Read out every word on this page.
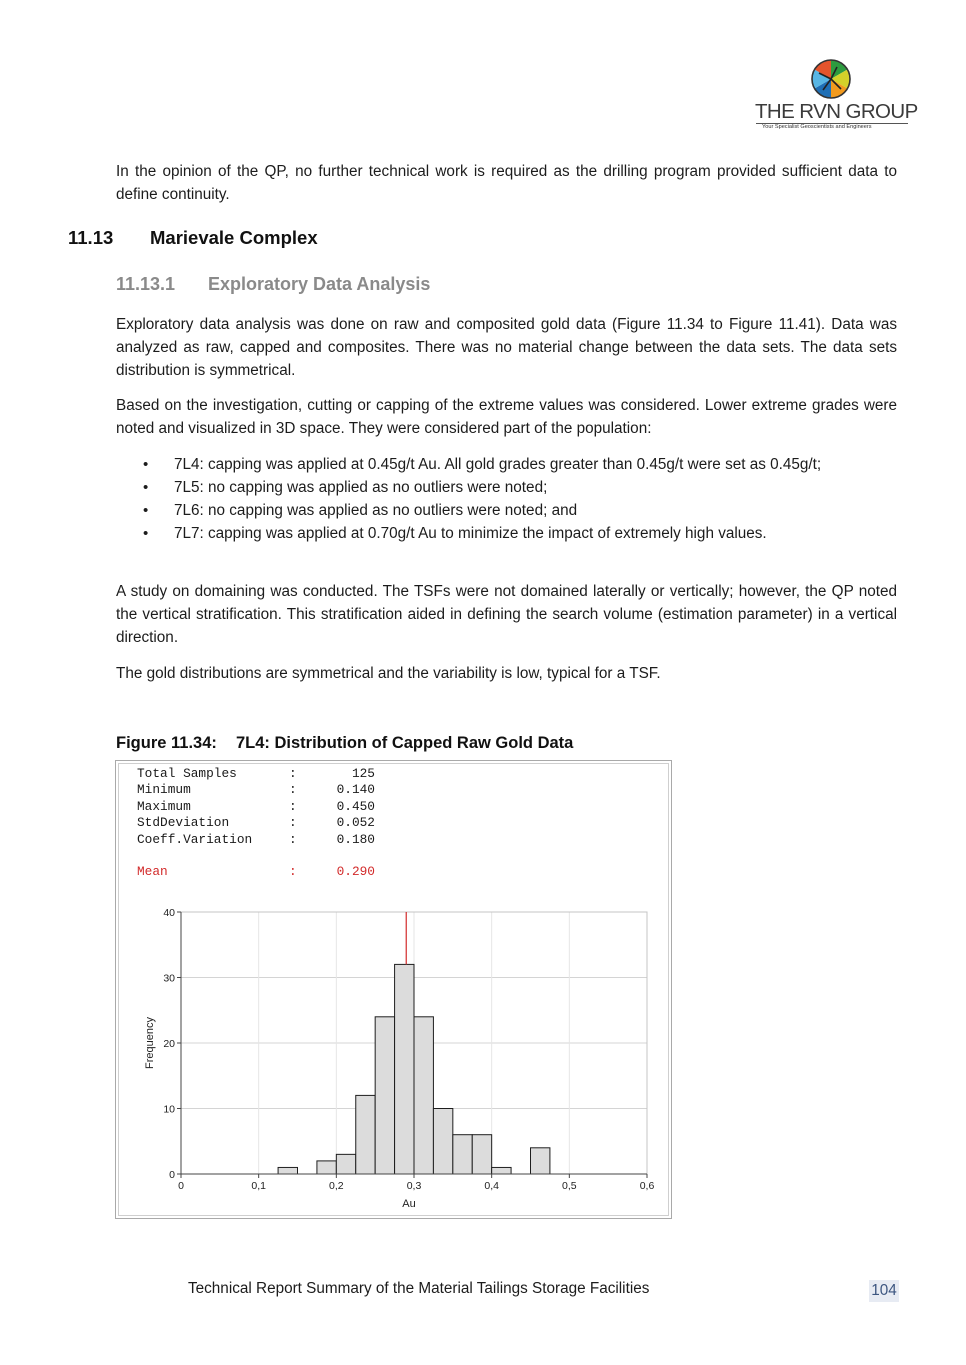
THE RVN GROUP
Your Specialist Geoscientists and Engineers

In the opinion of the QP, no further technical work is required as the drilling program provided sufficient data to define continuity.

11.13 Marievale Complex
11.13.1 Exploratory Data Analysis

Exploratory data analysis was done on raw and composited gold data (Figure 11.34 to Figure 11.41). Data was analyzed as raw, capped and composites. There was no material change between the data sets. The data sets distribution is symmetrical.

Based on the investigation, cutting or capping of the extreme values was considered. Lower extreme grades were noted and visualized in 3D space. They were considered part of the population:

• 7L4: capping was applied at 0.45g/t Au. All gold grades greater than 0.45g/t were set as 0.45g/t;
• 7L5: no capping was applied as no outliers were noted;
• 7L6: no capping was applied as no outliers were noted; and
• 7L7: capping was applied at 0.70g/t Au to minimize the impact of extremely high values.

A study on domaining was conducted. The TSFs were not domained laterally or vertically; however, the QP noted the vertical stratification. This stratification aided in defining the search volume (estimation parameter) in a vertical direction.

The gold distributions are symmetrical and the variability is low, typical for a TSF.

Figure 11.34: 7L4: Distribution of Capped Raw Gold Data
Total Samples	:	125
Minimum	:	0.140
Maximum	:	0.450
StdDeviation	:	0.052
Coeff.Variation	:	0.180
Mean	:	0.290
0
10
20
30
40
0	0,1	0,2	0,3	0,4	0,5	0,6
Au
Frequency
Technical Report Summary of the Material Tailings Storage Facilities	104
